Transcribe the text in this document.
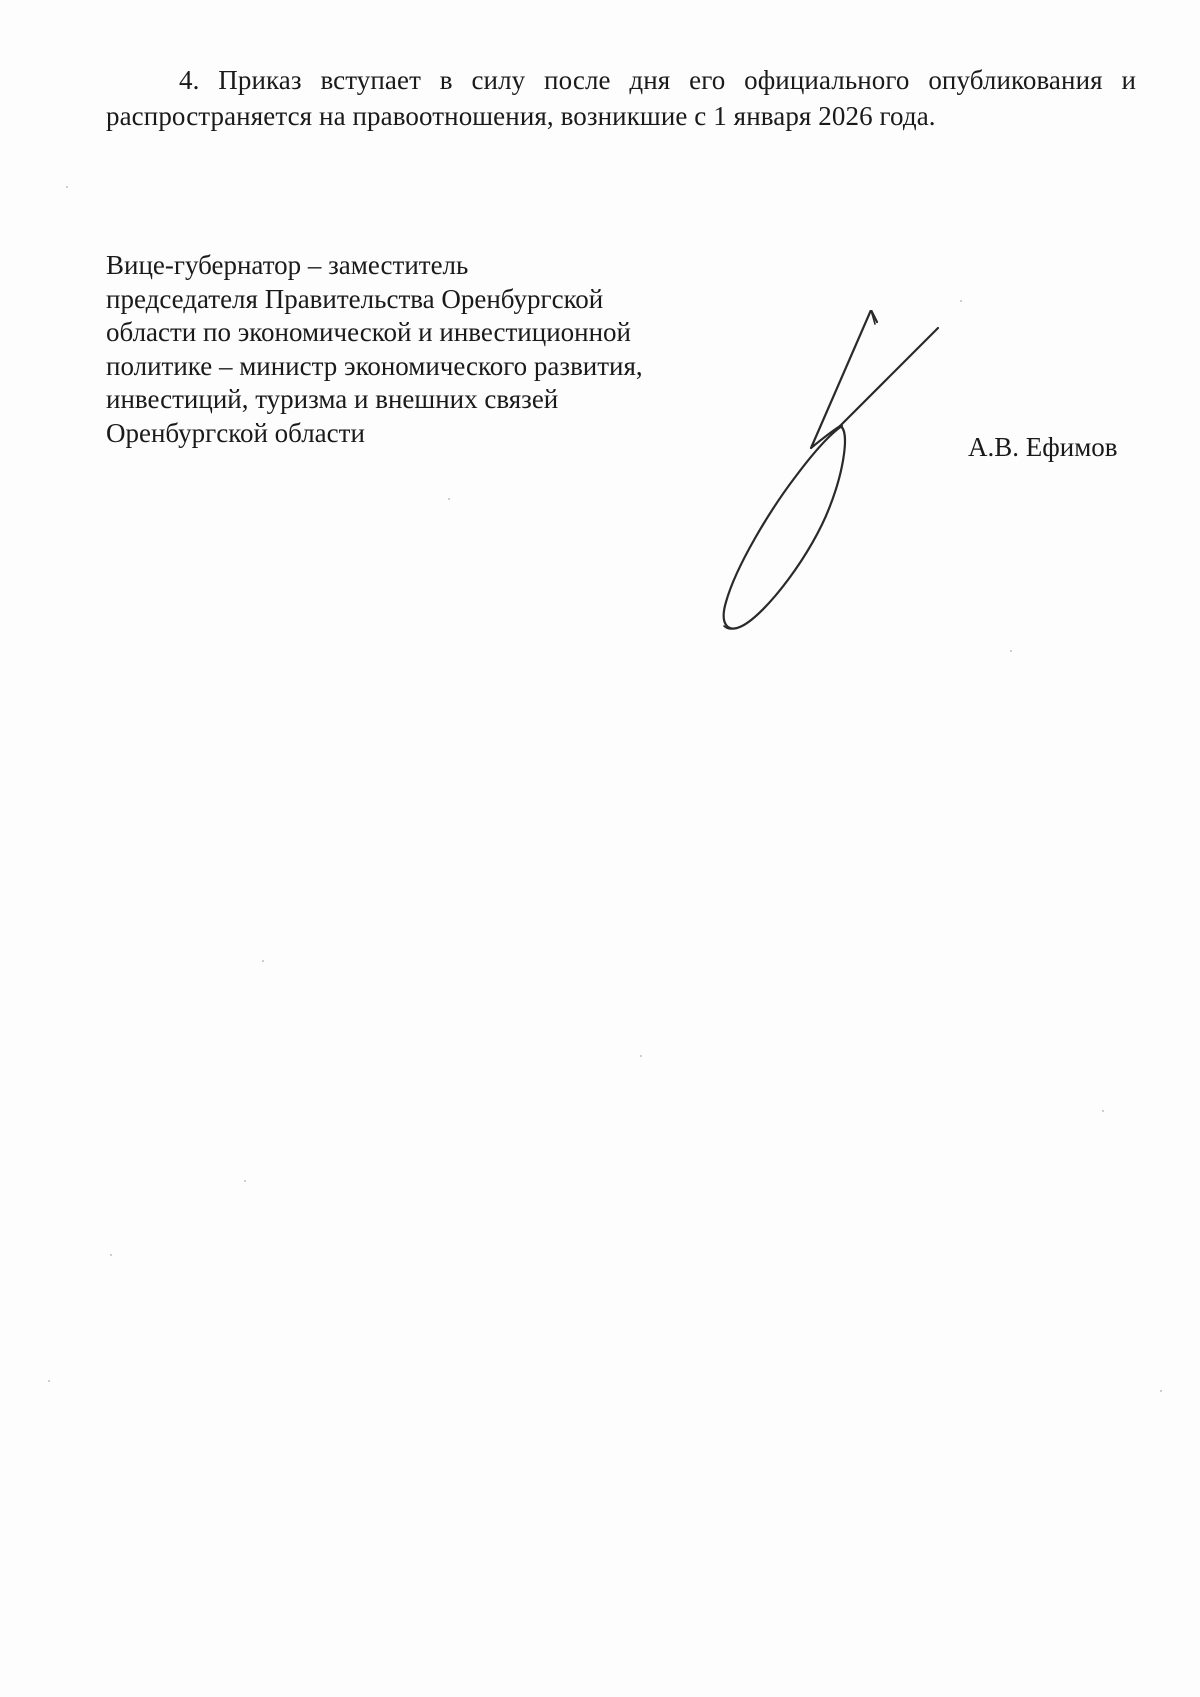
4. Приказ вступает в силу после дня его официального опубликования и распространяется на правоотношения, возникшие с 1 января 2026 года.

Вице-губернатор – заместитель
председателя Правительства Оренбургской
области по экономической и инвестиционной
политике – министр экономического развития,
инвестиций, туризма и внешних связей
Оренбургской области	А.В. Ефимов
